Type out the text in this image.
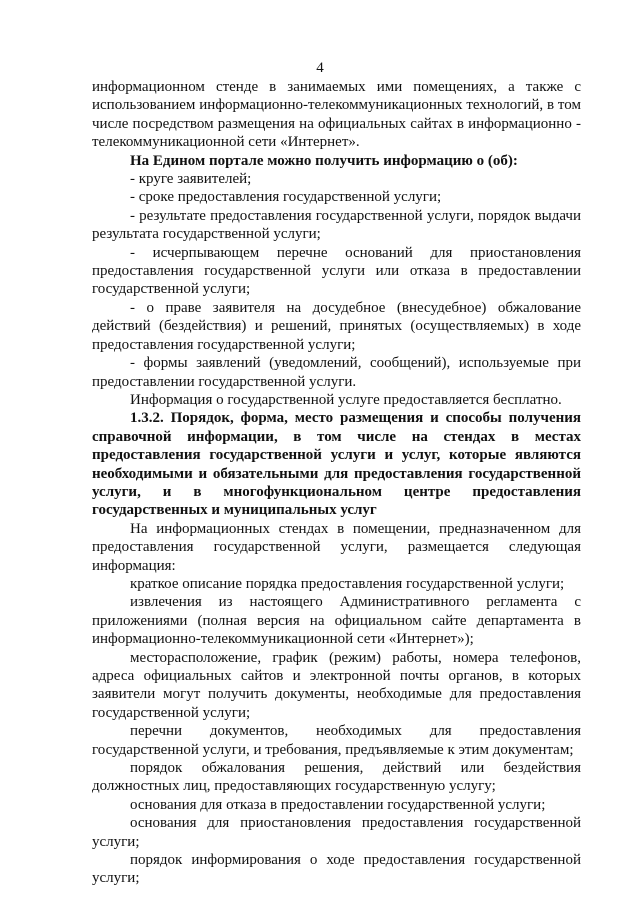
4

информационном стенде в занимаемых ими помещениях, а также с использованием информационно-телекоммуникационных технологий, в том числе посредством размещения на официальных сайтах в информационно - телекоммуникационной сети «Интернет».

На Едином портале можно получить информацию о (об):

- круге заявителей;

- сроке предоставления государственной услуги;

- результате предоставления государственной услуги, порядок выдачи результата государственной услуги;

- исчерпывающем перечне оснований для приостановления предоставления государственной услуги или отказа в предоставлении государственной услуги;

- о праве заявителя на досудебное (внесудебное) обжалование действий (бездействия) и решений, принятых (осуществляемых) в ходе предоставления государственной услуги;

- формы заявлений (уведомлений, сообщений), используемые при предоставлении государственной услуги.

Информация о государственной услуге предоставляется бесплатно.

1.3.2. Порядок, форма, место размещения и способы получения справочной информации, в том числе на стендах в местах предоставления государственной услуги и услуг, которые являются необходимыми и обязательными для предоставления государственной услуги, и в многофункциональном центре предоставления государственных и муниципальных услуг

На информационных стендах в помещении, предназначенном для предоставления государственной услуги, размещается следующая информация:

краткое описание порядка предоставления государственной услуги;

извлечения из настоящего Административного регламента с приложениями (полная версия на официальном сайте департамента в информационно-телекоммуникационной сети «Интернет»);

месторасположение, график (режим) работы, номера телефонов, адреса официальных сайтов и электронной почты органов, в которых заявители могут получить документы, необходимые для предоставления государственной услуги;

перечни документов, необходимых для предоставления государственной услуги, и требования, предъявляемые к этим документам;

порядок обжалования решения, действий или бездействия должностных лиц, предоставляющих государственную услугу;

основания для отказа в предоставлении государственной услуги;

основания для приостановления предоставления государственной услуги;

порядок информирования о ходе предоставления государственной услуги;
